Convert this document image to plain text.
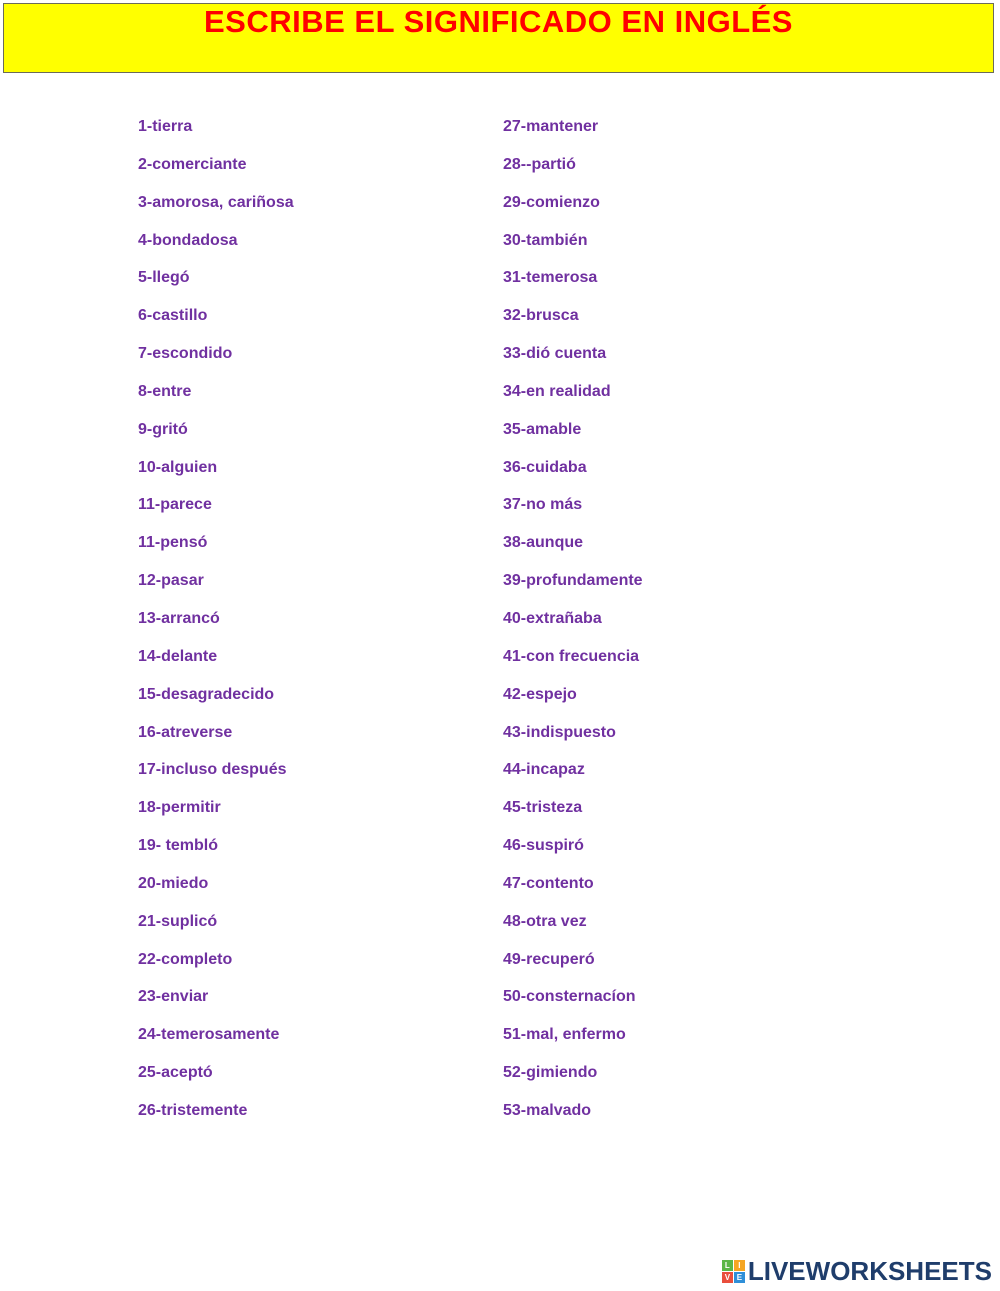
ESCRIBE EL SIGNIFICADO EN INGLÉS
1-tierra
2-comerciante
3-amorosa, cariñosa
4-bondadosa
5-llegó
6-castillo
7-escondido
8-entre
9-gritó
10-alguien
11-parece
11-pensó
12-pasar
13-arrancó
14-delante
15-desagradecido
16-atreverse
17-incluso después
18-permitir
19- tembló
20-miedo
21-suplicó
22-completo
23-enviar
24-temerosamente
25-aceptó
26-tristemente
27-mantener
28--partió
29-comienzo
30-también
31-temerosa
32-brusca
33-dió cuenta
34-en realidad
35-amable
36-cuidaba
37-no más
38-aunque
39-profundamente
40-extrañaba
41-con frecuencia
42-espejo
43-indispuesto
44-incapaz
45-tristeza
46-suspiró
47-contento
48-otra vez
49-recuperó
50-consternacíon
51-mal, enfermo
52-gimiendo
53-malvado
L	I
V E LIVEWORKSHEETS
